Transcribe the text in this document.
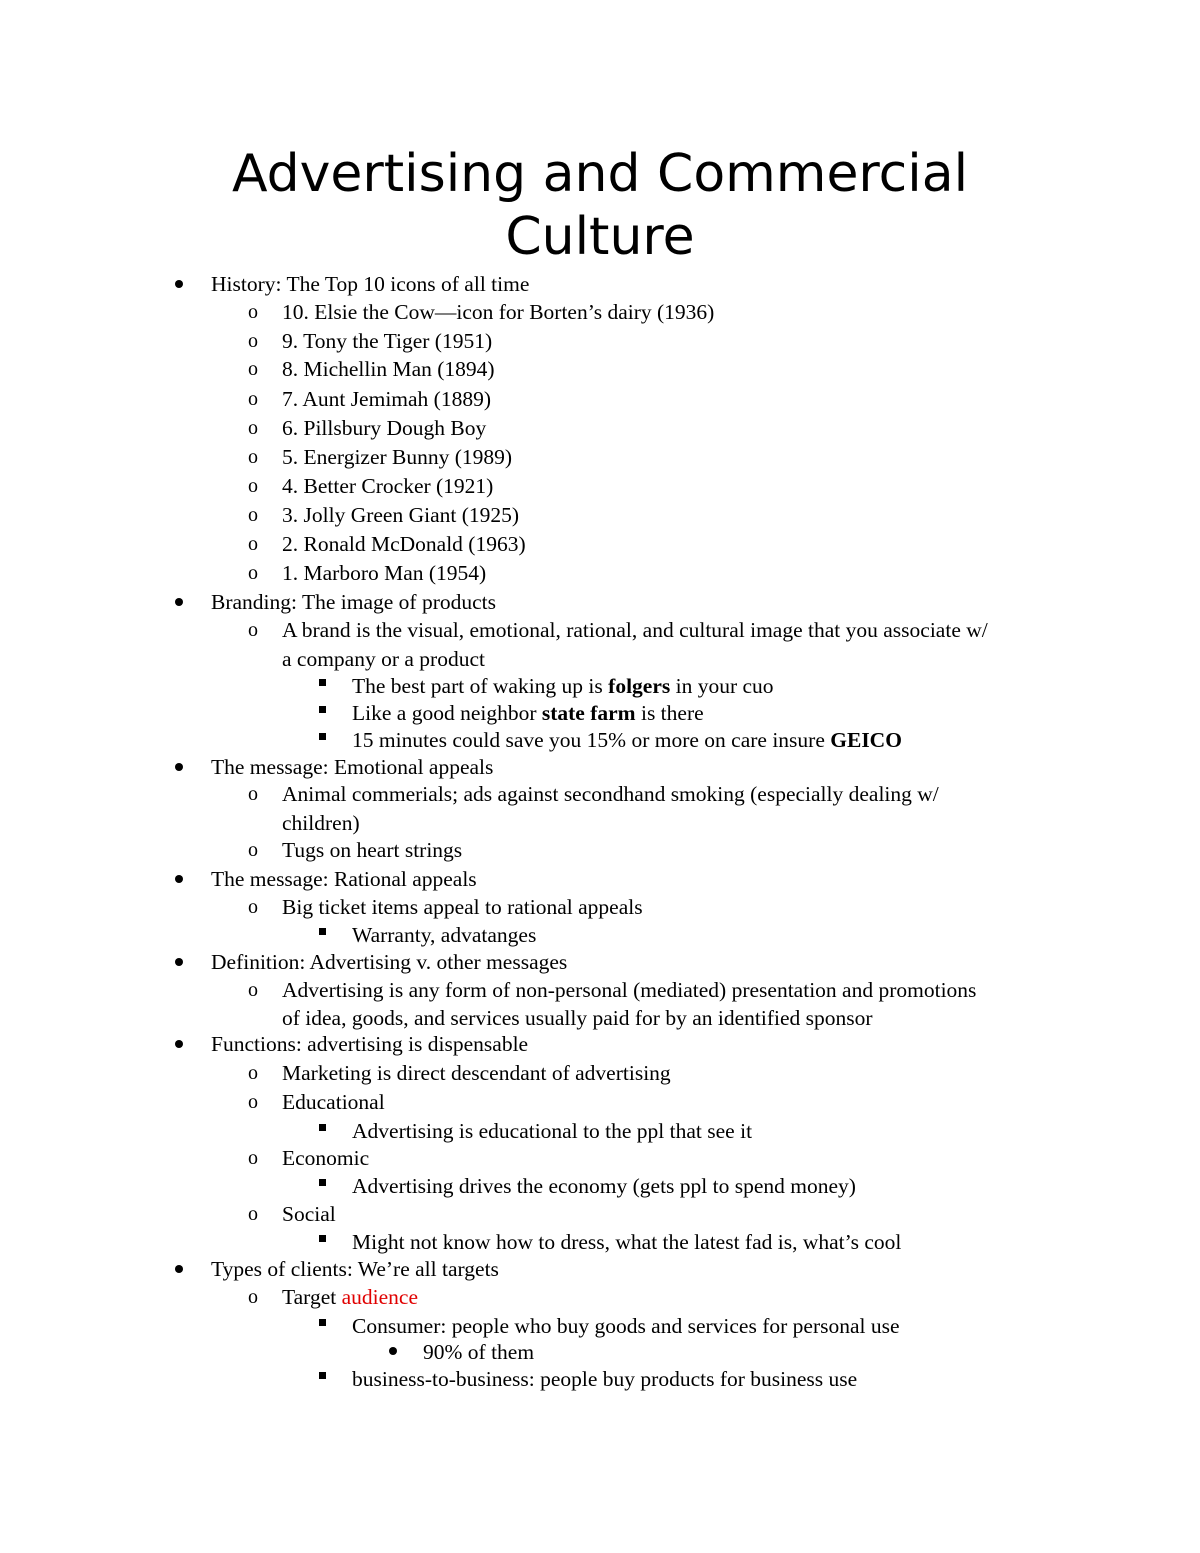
Advertising and Commercial
Culture
History: The Top 10 icons of all time
o 10. Elsie the Cow—icon for Borten’s dairy (1936)
o 9. Tony the Tiger (1951)
o 8. Michellin Man (1894)
o 7. Aunt Jemimah (1889)
o 6. Pillsbury Dough Boy
o 5. Energizer Bunny (1989)
o 4. Better Crocker (1921)
o 3. Jolly Green Giant (1925)
o 2. Ronald McDonald (1963)
o 1. Marboro Man (1954)
Branding: The image of products
o A brand is the visual, emotional, rational, and cultural image that you associate w/
a company or a product
The best part of waking up is folgers in your cuo
Like a good neighbor state farm is there
15 minutes could save you 15% or more on care insure GEICO
The message: Emotional appeals
o Animal commerials; ads against secondhand smoking (especially dealing w/
children)
o Tugs on heart strings
The message: Rational appeals
o Big ticket items appeal to rational appeals
Warranty, advatanges
Definition: Advertising v. other messages
o Advertising is any form of non-personal (mediated) presentation and promotions
of idea, goods, and services usually paid for by an identified sponsor
Functions: advertising is dispensable
o Marketing is direct descendant of advertising
o Educational
Advertising is educational to the ppl that see it
o Economic
Advertising drives the economy (gets ppl to spend money)
o Social
Might not know how to dress, what the latest fad is, what’s cool
Types of clients: We’re all targets
o Target audience
Consumer: people who buy goods and services for personal use
90% of them
business-to-business: people buy products for business use
